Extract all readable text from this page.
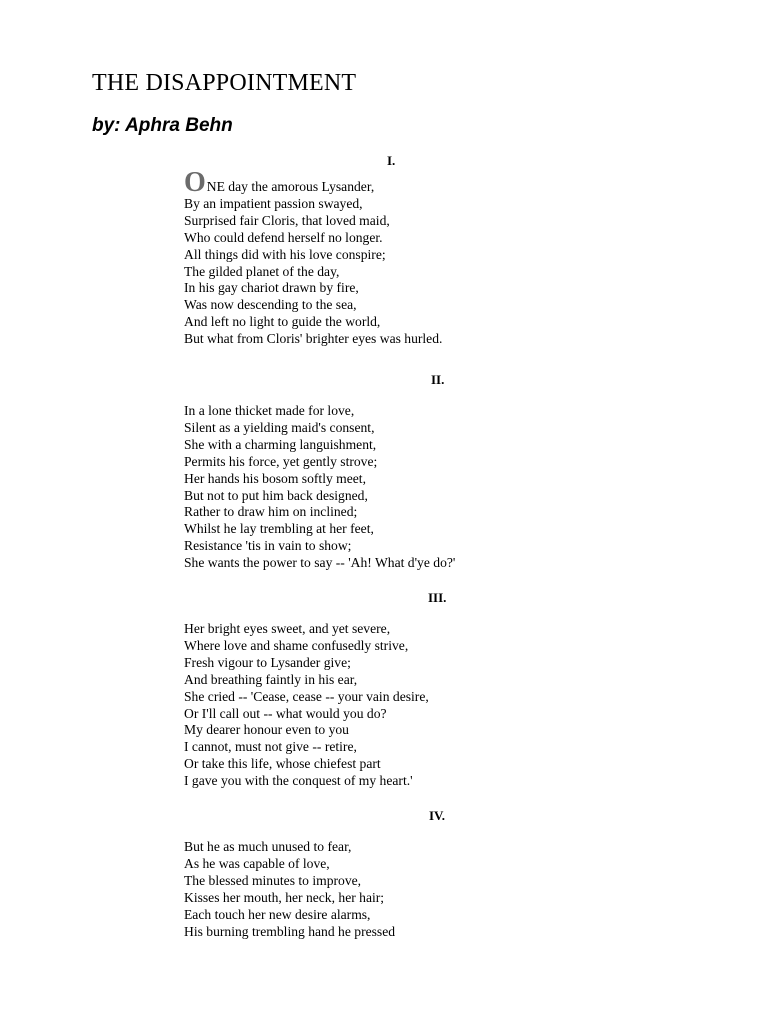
THE DISAPPOINTMENT
by: Aphra Behn
I.
ONE day the amorous Lysander,
By an impatient passion swayed,
Surprised fair Cloris, that loved maid,
Who could defend herself no longer.
All things did with his love conspire;
The gilded planet of the day,
In his gay chariot drawn by fire,
Was now descending to the sea,
And left no light to guide the world,
But what from Cloris' brighter eyes was hurled.
II.
In a lone thicket made for love,
Silent as a yielding maid's consent,
She with a charming languishment,
Permits his force, yet gently strove;
Her hands his bosom softly meet,
But not to put him back designed,
Rather to draw him on inclined;
Whilst he lay trembling at her feet,
Resistance 'tis in vain to show;
She wants the power to say -- 'Ah! What d'ye do?'
III.
Her bright eyes sweet, and yet severe,
Where love and shame confusedly strive,
Fresh vigour to Lysander give;
And breathing faintly in his ear,
She cried -- 'Cease, cease -- your vain desire,
Or I'll call out -- what would you do?
My dearer honour even to you
I cannot, must not give -- retire,
Or take this life, whose chiefest part
I gave you with the conquest of my heart.'
IV.
But he as much unused to fear,
As he was capable of love,
The blessed minutes to improve,
Kisses her mouth, her neck, her hair;
Each touch her new desire alarms,
His burning trembling hand he pressed
